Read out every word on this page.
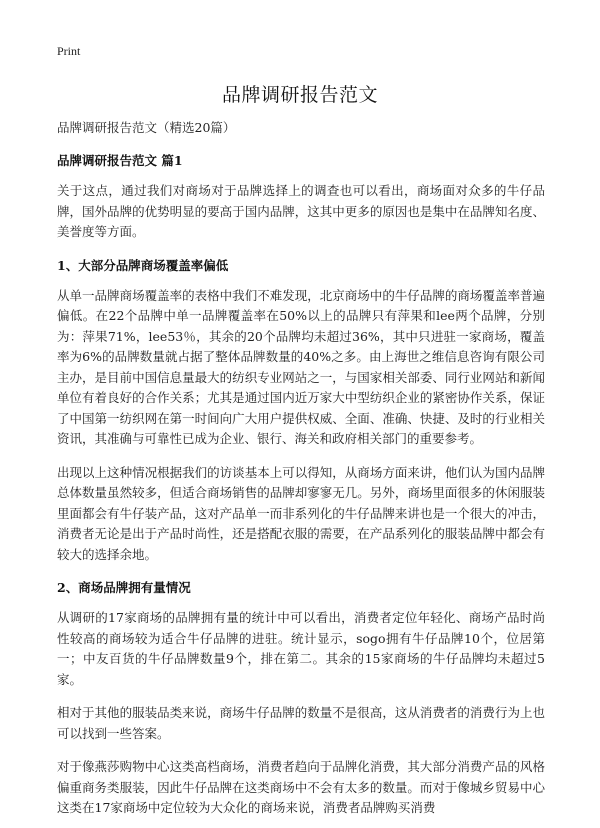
Print
品牌调研报告范文

品牌调研报告范文（精选20篇）

品牌调研报告范文 篇1

关于这点，通过我们对商场对于品牌选择上的调查也可以看出，商场面对众多的牛仔品牌，国外品牌的优势明显的要高于国内品牌，这其中更多的原因也是集中在品牌知名度、美誉度等方面。

1、大部分品牌商场覆盖率偏低

从单一品牌商场覆盖率的表格中我们不难发现，北京商场中的牛仔品牌的商场覆盖率普遍偏低。在22个品牌中单一品牌覆盖率在50%以上的品牌只有萍果和lee两个品牌，分别为：萍果71%，lee53％，其余的20个品牌均未超过36%，其中只进驻一家商场，覆盖率为6%的品牌数量就占据了整体品牌数量的40%之多。由上海世之维信息咨询有限公司主办，是目前中国信息量最大的纺织专业网站之一，与国家相关部委、同行业网站和新闻单位有着良好的合作关系；尤其是通过国内近万家大中型纺织企业的紧密协作关系，保证了中国第一纺织网在第一时间向广大用户提供权威、全面、准确、快捷、及时的行业相关资讯，其准确与可靠性已成为企业、银行、海关和政府相关部门的重要参考。

出现以上这种情况根据我们的访谈基本上可以得知，从商场方面来讲，他们认为国内品牌总体数量虽然较多，但适合商场销售的品牌却寥寥无几。另外，商场里面很多的休闲服装里面都会有牛仔装产品，这对产品单一而非系列化的牛仔品牌来讲也是一个很大的冲击，消费者无论是出于产品时尚性，还是搭配衣服的需要，在产品系列化的服装品牌中都会有较大的选择余地。

2、商场品牌拥有量情况

从调研的17家商场的品牌拥有量的统计中可以看出，消费者定位年轻化、商场产品时尚性较高的商场较为适合牛仔品牌的进驻。统计显示，sogo拥有牛仔品牌10个，位居第一；中友百货的牛仔品牌数量9个，排在第二。其余的15家商场的牛仔品牌均未超过5家。

相对于其他的服装品类来说，商场牛仔品牌的数量不是很高，这从消费者的消费行为上也可以找到一些答案。

对于像燕莎购物中心这类高档商场，消费者趋向于品牌化消费，其大部分消费产品的风格偏重商务类服装，因此牛仔品牌在这类商场中不会有太多的数量。而对于像城乡贸易中心这类在17家商场中定位较为大众化的商场来说，消费者品牌购买消费
